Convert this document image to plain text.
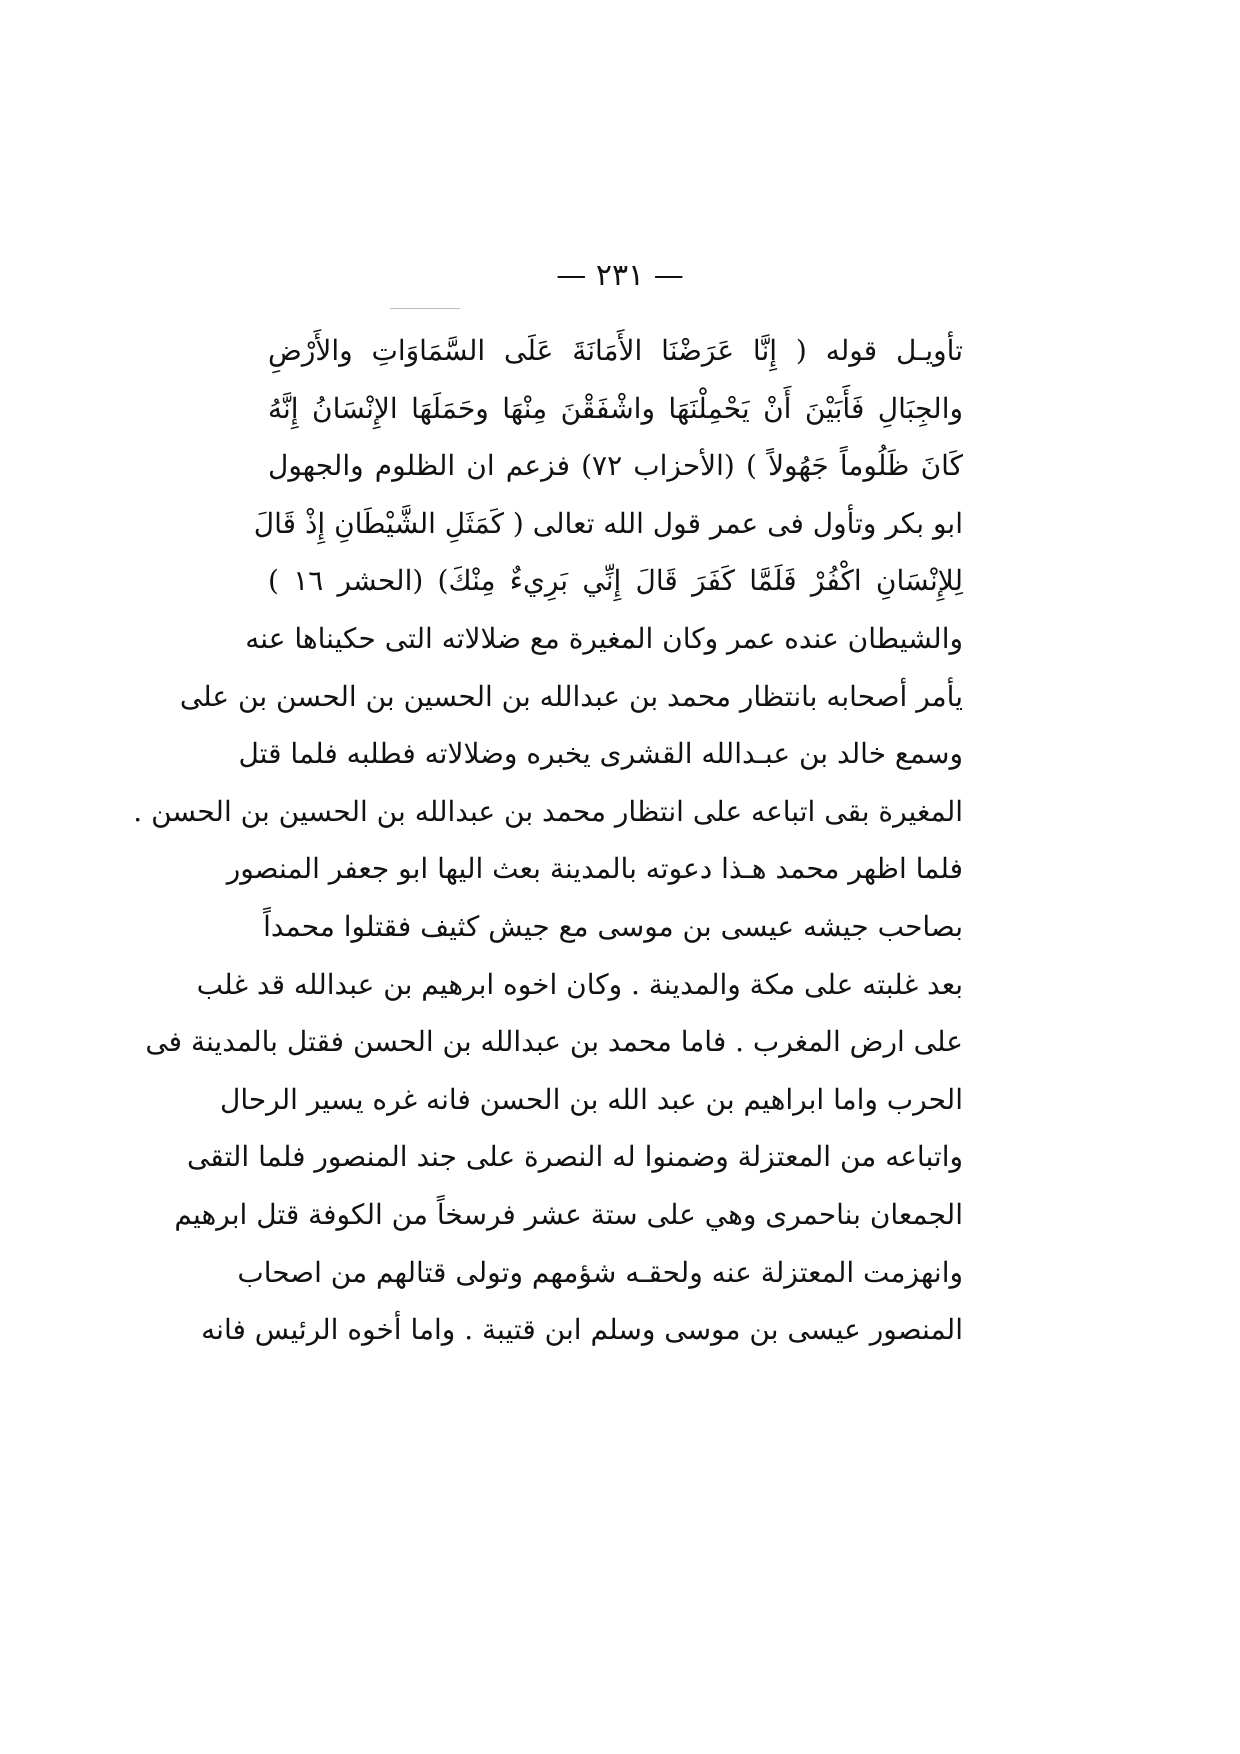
— ٢٣١ —
تأويـل قوله ( إِنَّا عَرَضْنَا الأَمَانَةَ عَلَى السَّمَاوَاتِ والأَرْضِ
والجِبَالِ فَأَبَيْنَ أَنْ يَحْمِلْنَهَا واشْفَقْنَ مِنْهَا وحَمَلَهَا الإِنْسَانُ إِنَّهُ
كَانَ ظَلُوماً جَهُولاً ) (الأحزاب ٧٢) فزعم ان الظلوم والجهول
ابو بكر وتأول فى عمر قول الله تعالى ( كَمَثَلِ الشَّيْطَانِ إِذْ قَالَ
لِلإِنْسَانِ اكْفُرْ فَلَمَّا كَفَرَ قَالَ إِنِّي بَرِيءٌ مِنْكَ) (الحشر ١٦ )
والشيطان عنده عمر وكان المغيرة مع ضلالاته التى حكيناها عنه
يأمر أصحابه بانتظار محمد بن عبدالله بن الحسين بن الحسن بن على
وسمع خالد بن عبـدالله القشرى يخبره وضلالاته فطلبه فلما قتل
المغيرة بقى اتباعه على انتظار محمد بن عبدالله بن الحسين بن الحسن .
فلما اظهر محمد هـذا دعوته بالمدينة بعث اليها ابو جعفر المنصور
بصاحب جيشه عيسى بن موسى مع جيش كثيف فقتلوا محمداً
بعد غلبته على مكة والمدينة . وكان اخوه ابرهيم بن عبدالله قد غلب
على ارض المغرب . فاما محمد بن عبدالله بن الحسن فقتل بالمدينة فى
الحرب واما ابراهيم بن عبد الله بن الحسن فانه غره يسير الرحال
واتباعه من المعتزلة وضمنوا له النصرة على جند المنصور فلما التقى
الجمعان بناحمرى وهي على ستة عشر فرسخاً من الكوفة قتل ابرهيم
وانهزمت المعتزلة عنه ولحقـه شؤمهم وتولى قتالهم من اصحاب
المنصور عيسى بن موسى وسلم ابن قتيبة . واما أخوه الرئيس فانه
